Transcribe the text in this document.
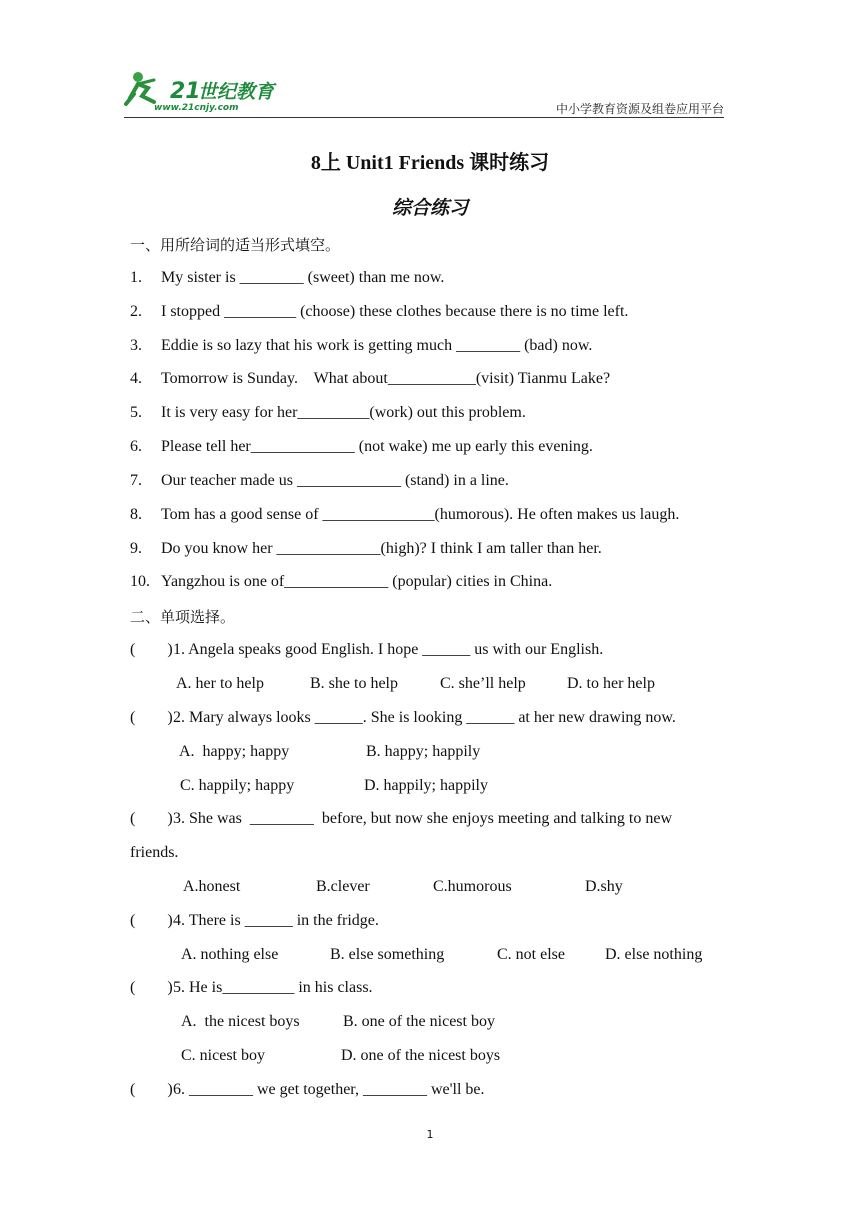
21
世纪教育
www.21cnjy.com	中小学教育资源及组卷应用平台
8上 Unit1 Friends 课时练习
综合练习
一、用所给词的适当形式填空。
1. My sister is ________ (sweet) than me now.
2. I stopped _________ (choose) these clothes because there is no time left.
3. Eddie is so lazy that his work is getting much ________ (bad) now.
4. Tomorrow is Sunday.    What about___________(visit) Tianmu Lake?
5. It is very easy for her_________(work) out this problem.
6. Please tell her_____________ (not wake) me up early this evening.
7. Our teacher made us _____________ (stand) in a line.
8. Tom has a good sense of ______________(humorous). He often makes us laugh.
9. Do you know her _____________(high)? I think I am taller than her.
10. Yangzhou is one of_____________ (popular) cities in China.
二、单项选择。
(        )1. Angela speaks good English. I hope ______ us with our English.
A. her to help	B. she to help	C. she’ll help	D. to her help
(        )2. Mary always looks ______. She is looking ______ at her new drawing now.
A.  happy; happy	B. happy; happily
C. happily; happy	D. happily; happily
(        )3. She was  ________  before, but now she enjoys meeting and talking to new
friends.
A.honest	B.clever	C.humorous	D.shy
(        )4. There is ______ in the fridge.
A. nothing else	B. else something	C. not else	D. else nothing
(        )5. He is_________ in his class.
A.  the nicest boys	B. one of the nicest boy
C. nicest boy	D. one of the nicest boys
(        )6. ________ we get together, ________ we'll be.
1
